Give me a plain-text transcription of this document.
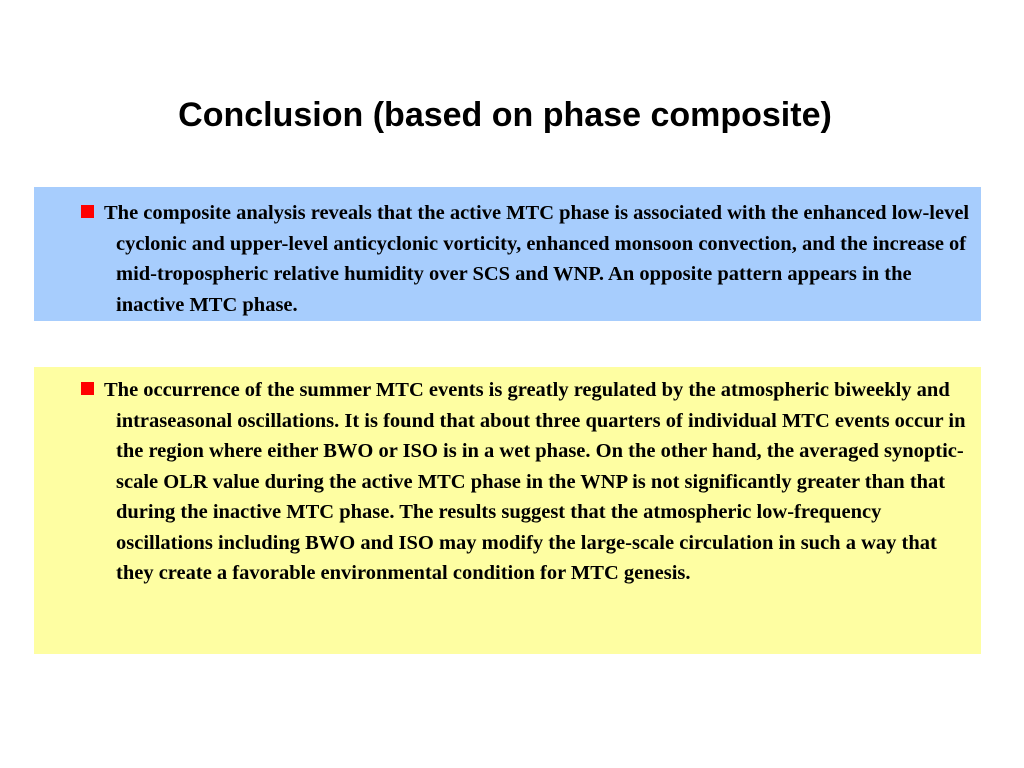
Conclusion (based on phase composite)

The composite analysis reveals that the active MTC phase is associated with the enhanced low-level cyclonic and upper-level anticyclonic vorticity, enhanced monsoon convection, and the increase of mid-tropospheric relative humidity over SCS and WNP. An opposite pattern appears in the inactive MTC phase.

The occurrence of the summer MTC events is greatly regulated by the atmospheric biweekly and intraseasonal oscillations. It is found that about three quarters of individual MTC events occur in the region where either BWO or ISO is in a wet phase. On the other hand, the averaged synoptic-scale OLR value during the active MTC phase in the WNP is not significantly greater than that during the inactive MTC phase. The results suggest that the atmospheric low-frequency oscillations including BWO and ISO may modify the large-scale circulation in such a way that they create a favorable environmental condition for MTC genesis.
